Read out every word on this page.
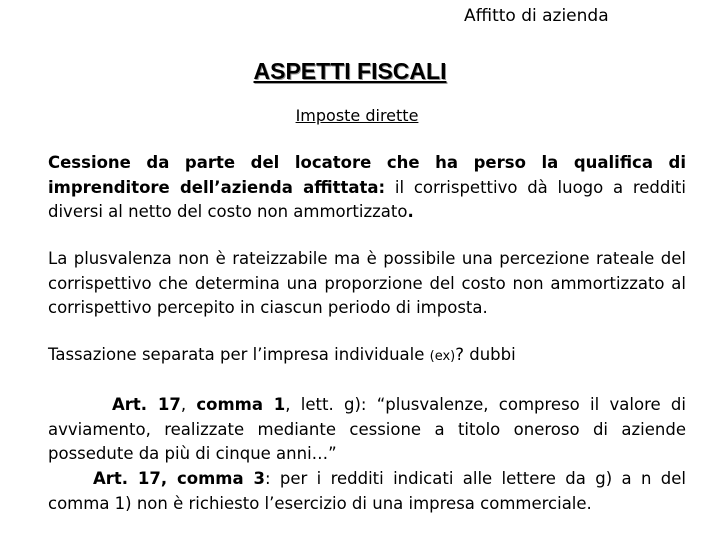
Affitto di azienda
ASPETTI FISCALI
Imposte dirette
Cessione da parte del locatore che ha perso la qualifica di imprenditore dell’azienda affittata: il corrispettivo dà luogo a redditi diversi al netto del costo non ammortizzato.
La plusvalenza non è rateizzabile ma è possibile una percezione rateale del corrispettivo che determina una proporzione del costo non ammortizzato al corrispettivo percepito in ciascun periodo di imposta.
Tassazione separata per l’impresa individuale (ex)? dubbi
Art. 17, comma 1, lett. g): “plusvalenze, compreso il valore di avviamento, realizzate mediante cessione a titolo oneroso di aziende possedute da più di cinque anni…”
Art. 17, comma 3: per i redditi indicati alle lettere da g) a n del comma 1) non è richiesto l’esercizio di una impresa commerciale.
